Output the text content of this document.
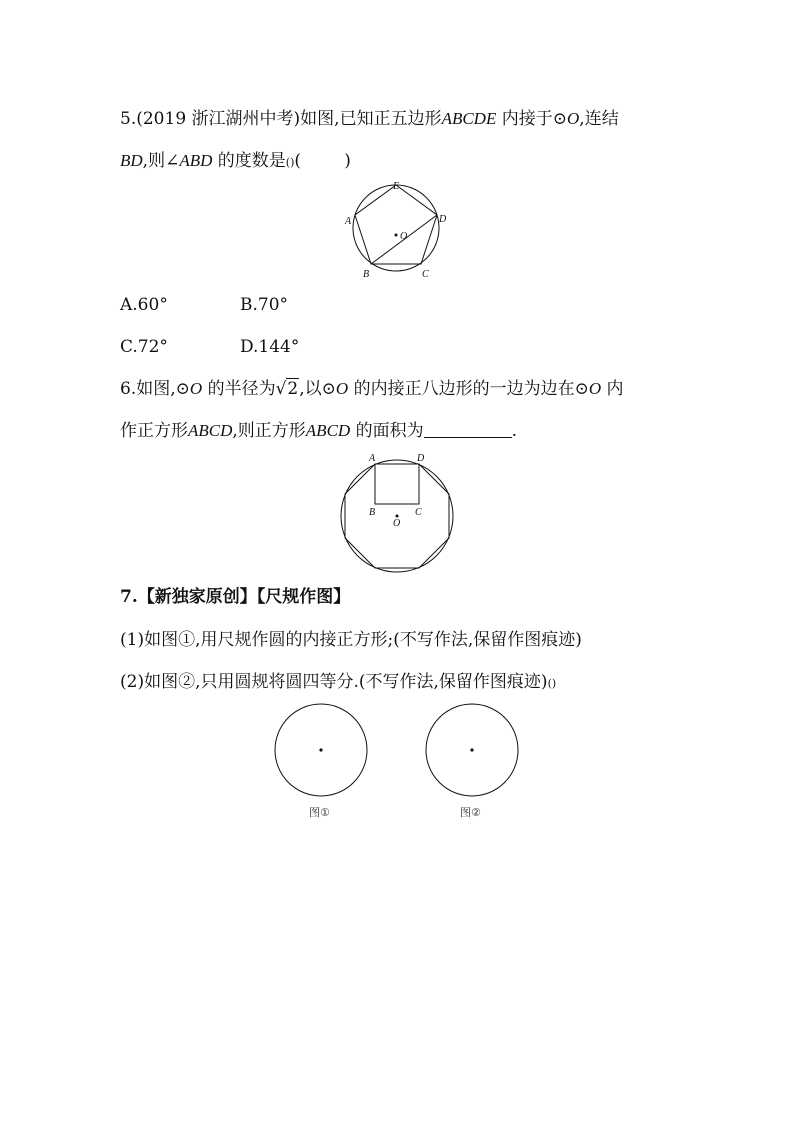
5.(2019 浙江湖州中考)如图,已知正五边形ABCDE 内接于⊙O,连结
BD,则∠ABD 的度数是()(        )
E
D
A
B	C
O
A.60°	B.70°
C.72°	D.144°
6.如图,⊙O 的半径为√2,以⊙O 的内接正八边形的一边为边在⊙O 内
作正方形ABCD,则正方形ABCD 的面积为	.
A	D
B	C
O
7.【新独家原创】【尺规作图】
(1)如图①,用尺规作圆的内接正方形;(不写作法,保留作图痕迹)
(2)如图②,只用圆规将圆四等分.(不写作法,保留作图痕迹)()
图①	图②
